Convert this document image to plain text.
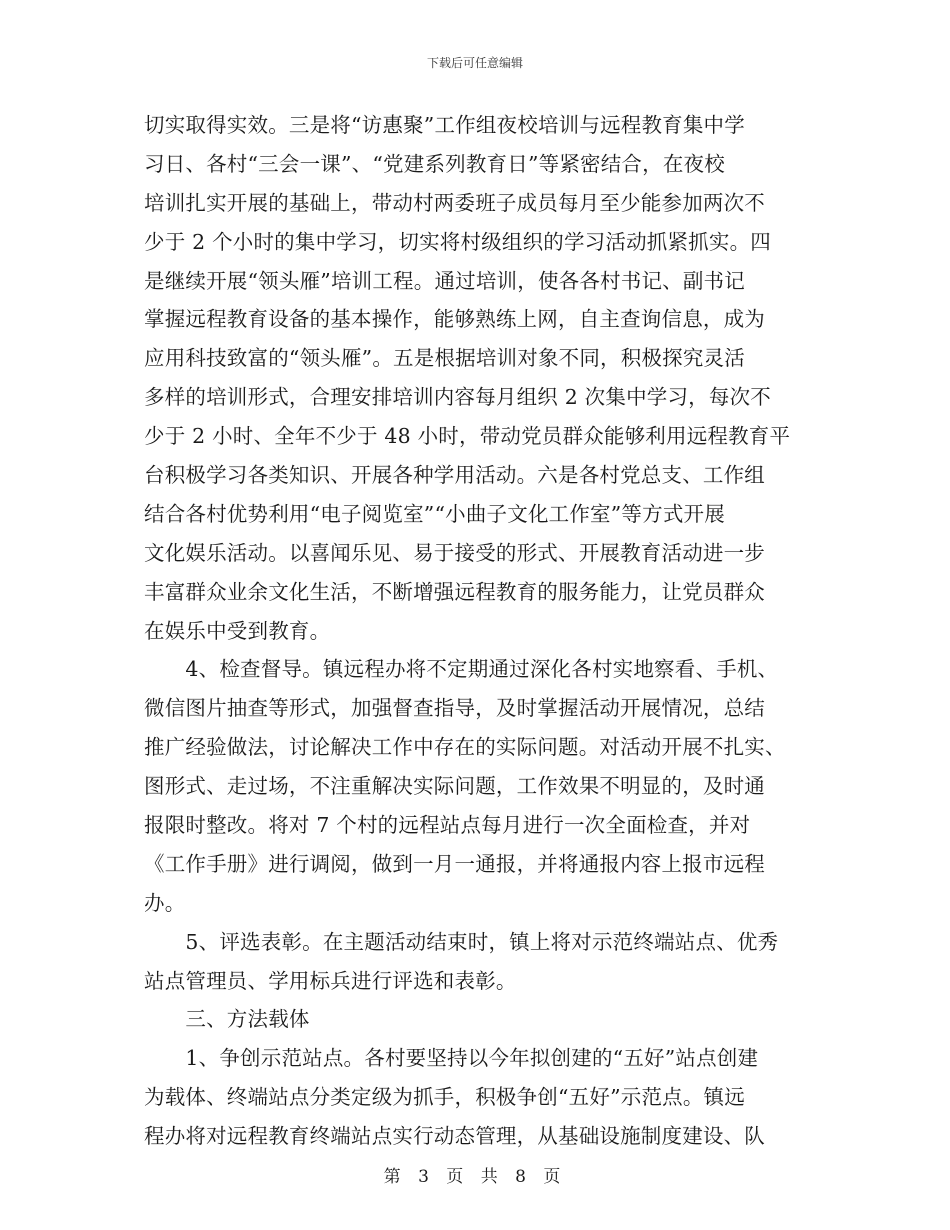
下载后可任意编辑
切实取得实效。三是将“访惠聚”工作组夜校培训与远程教育集中学
习日、各村“三会一课”、“党建系列教育日”等紧密结合，在夜校
培训扎实开展的基础上，带动村两委班子成员每月至少能参加两次不
少于 2 个小时的集中学习，切实将村级组织的学习活动抓紧抓实。四
是继续开展“领头雁”培训工程。通过培训，使各各村书记、副书记
掌握远程教育设备的基本操作，能够熟练上网，自主查询信息，成为
应用科技致富的“领头雁”。五是根据培训对象不同，积极探究灵活
多样的培训形式，合理安排培训内容每月组织 2 次集中学习，每次不
少于 2 小时、全年不少于 48 小时，带动党员群众能够利用远程教育平
台积极学习各类知识、开展各种学用活动。六是各村党总支、工作组
结合各村优势利用“电子阅览室”“小曲子文化工作室”等方式开展
文化娱乐活动。以喜闻乐见、易于接受的形式、开展教育活动进一步
丰富群众业余文化生活，不断增强远程教育的服务能力，让党员群众
在娱乐中受到教育。
　　4、检查督导。镇远程办将不定期通过深化各村实地察看、手机、
微信图片抽查等形式，加强督查指导，及时掌握活动开展情况，总结
推广经验做法，讨论解决工作中存在的实际问题。对活动开展不扎实、
图形式、走过场，不注重解决实际问题，工作效果不明显的，及时通
报限时整改。将对 7 个村的远程站点每月进行一次全面检查，并对
《工作手册》进行调阅，做到一月一通报，并将通报内容上报市远程
办。
　　5、评选表彰。在主题活动结束时，镇上将对示范终端站点、优秀
站点管理员、学用标兵进行评选和表彰。
　　三、方法载体
　　1、争创示范站点。各村要坚持以今年拟创建的“五好”站点创建
为载体、终端站点分类定级为抓手，积极争创“五好”示范点。镇远
程办将对远程教育终端站点实行动态管理，从基础设施制度建设、队
第 3 页 共 8 页
